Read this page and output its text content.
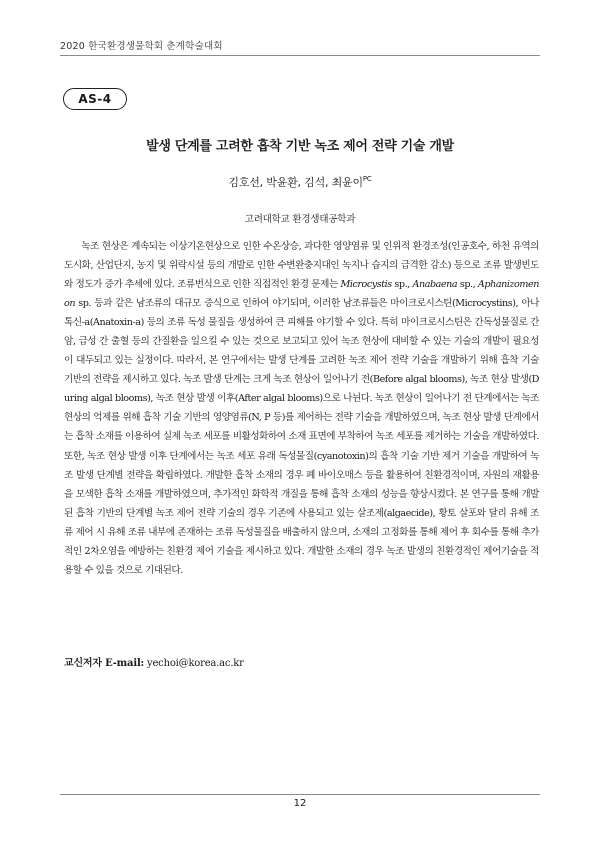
2020 한국환경생물학회 춘계학술대회
AS-4
발생 단계를 고려한 흡착 기반 녹조 제어 전략 기술 개발
김호선, 박윤환, 김석, 최윤이$^{PC}$
고려대학교 환경생태공학과

녹조 현상은 계속되는 이상기온현상으로 인한 수온상승, 과다한 영양염류 및 인위적 환경조성(인공호수, 하천 유역의 도시화, 산업단지, 농지 및 위락시설 등의 개발로 인한 수변완충지대인 녹지나 습지의 급격한 감소) 등으로 조류 발생빈도와 정도가 증가 추세에 있다. 조류번식으로 인한 직접적인 환경 문제는 Microcystis sp., Anabaena sp., Aphanizomenon sp. 등과 같은 남조류의 대규모 증식으로 인하여 야기되며, 이러한 남조류들은 마이크로시스틴(Microcystins), 아나톡신-a(Anatoxin-a) 등의 조류 독성 물질을 생성하여 큰 피해를 야기할 수 있다. 특히 마이크로시스틴은 간독성물질로 간암, 급성 간 출혈 등의 간질환을 일으킬 수 있는 것으로 보고되고 있어 녹조 현상에 대비할 수 있는 기술의 개발이 필요성이 대두되고 있는 실정이다. 따라서, 본 연구에서는 발생 단계를 고려한 녹조 제어 전략 기술을 개발하기 위해 흡착 기술 기반의 전략을 제시하고 있다. 녹조 발생 단계는 크게 녹조 현상이 일어나기 전(Before algal blooms), 녹조 현상 발생(During algal blooms), 녹조 현상 발생 이후(After algal blooms)으로 나뉜다. 녹조 현상이 일어나기 전 단계에서는 녹조 현상의 억제를 위해 흡착 기술 기반의 영양염류(N, P 등)를 제어하는 전략 기술을 개발하였으며, 녹조 현상 발생 단계에서는 흡착 소재를 이용하여 실제 녹조 세포를 비활성화하여 소재 표면에 부착하여 녹조 세포를 제거하는 기술을 개발하였다. 또한, 녹조 현상 발생 이후 단계에서는 녹조 세포 유래 독성물질(cyanotoxin)의 흡착 기술 기반 제거 기술을 개발하여 녹조 발생 단계별 전략을 확립하였다. 개발한 흡착 소재의 경우 폐 바이오매스 등을 활용하여 친환경적이며, 자원의 재활용을 모색한 흡착 소재를 개발하였으며, 추가적인 화학적 개질을 통해 흡착 소재의 성능을 향상시켰다. 본 연구를 통해 개발된 흡착 기반의 단계별 녹조 제어 전략 기술의 경우 기존에 사용되고 있는 살조제(algaecide), 황토 살포와 달리 유해 조류 제어 시 유해 조류 내부에 존재하는 조류 독성물질을 배출하지 않으며, 소재의 고정화를 통해 제어 후 회수를 통해 추가적인 2차오염을 예방하는 친환경 제어 기술을 제시하고 있다. 개발한 소재의 경우 녹조 발생의 친환경적인 제어기술을 적용할 수 있을 것으로 기대된다.

교신저자 E-mail: yechoi@korea.ac.kr
12
